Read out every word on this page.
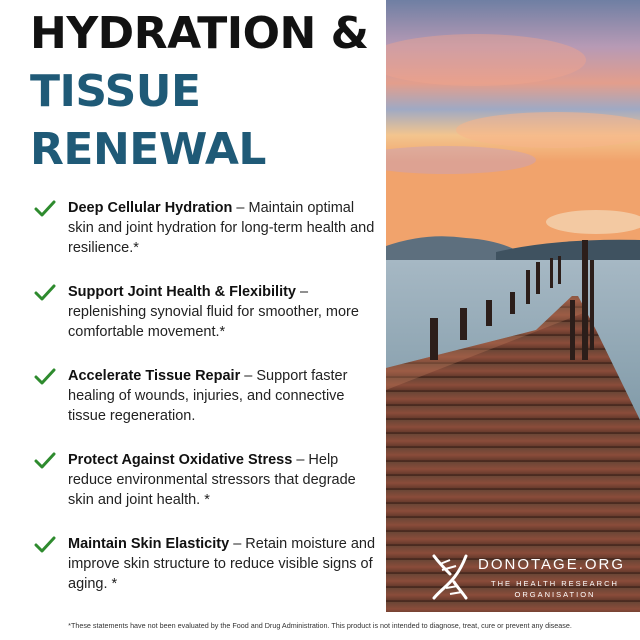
HYDRATION &
TISSUE
RENEWAL
Deep Cellular Hydration – Maintain optimal skin and joint hydration for long-term health and resilience.*
Support Joint Health & Flexibility – replenishing synovial fluid for smoother, more comfortable movement.*
Accelerate Tissue Repair – Support faster healing of wounds, injuries, and connective tissue regeneration.
Protect Against Oxidative Stress – Help reduce environmental stressors that degrade skin and joint health. *
Maintain Skin Elasticity – Retain moisture and improve skin structure to reduce visible signs of aging. *
DONOTAGE.ORG
THE HEALTH RESEARCH ORGANISATION
*These statements have not been evaluated by the Food and Drug Administration. This product is not intended to diagnose, treat, cure or prevent any disease.
